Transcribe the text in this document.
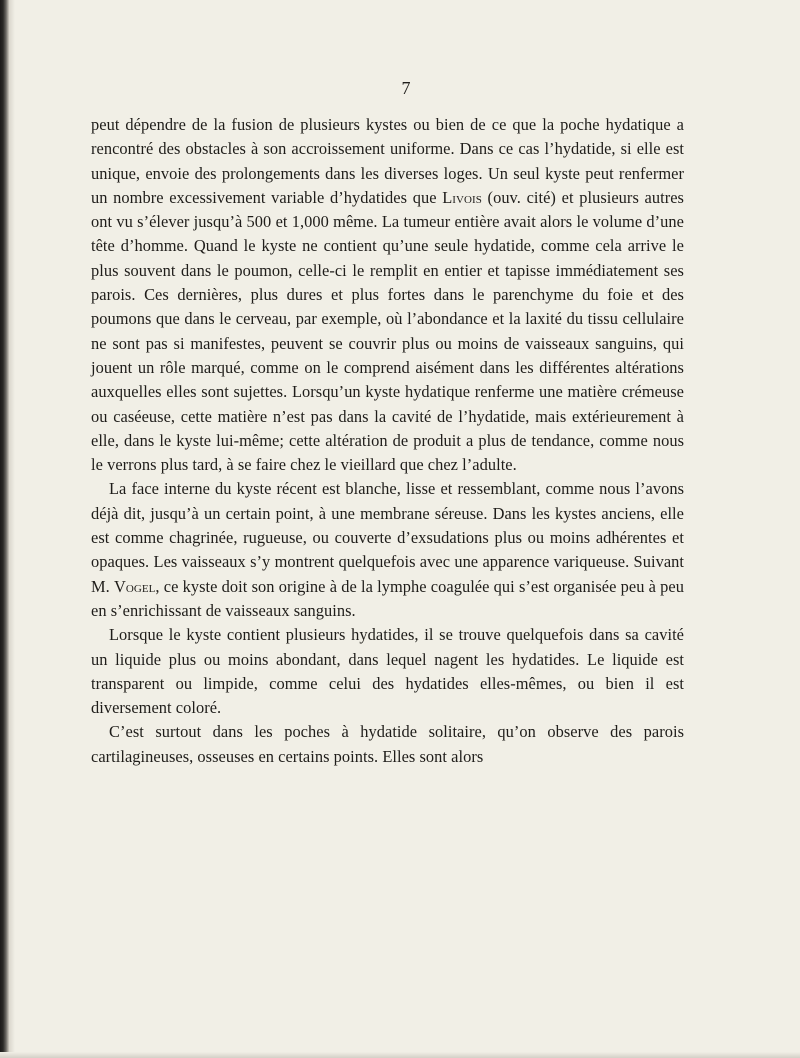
7

peut dépendre de la fusion de plusieurs kystes ou bien de ce que la poche hydatique a rencontré des obstacles à son accroissement uniforme. Dans ce cas l’hydatide, si elle est unique, envoie des prolongements dans les diverses loges. Un seul kyste peut renfermer un nombre excessivement variable d’hydatides que Livois (ouv. cité) et plusieurs autres ont vu s’élever jusqu’à 500 et 1,000 même. La tumeur entière avait alors le volume d’une tête d’homme. Quand le kyste ne contient qu’une seule hydatide, comme cela arrive le plus souvent dans le poumon, celle-ci le remplit en entier et tapisse immédiatement ses parois. Ces dernières, plus dures et plus fortes dans le parenchyme du foie et des poumons que dans le cerveau, par exemple, où l’abondance et la laxité du tissu cellulaire ne sont pas si manifestes, peuvent se couvrir plus ou moins de vaisseaux sanguins, qui jouent un rôle marqué, comme on le comprend aisément dans les différentes altérations auxquelles elles sont sujettes. Lorsqu’un kyste hydatique renferme une matière crémeuse ou caséeuse, cette matière n’est pas dans la cavité de l’hydatide, mais extérieurement à elle, dans le kyste lui-même; cette altération de produit a plus de tendance, comme nous le verrons plus tard, à se faire chez le vieillard que chez l’adulte.

La face interne du kyste récent est blanche, lisse et ressemblant, comme nous l’avons déjà dit, jusqu’à un certain point, à une membrane séreuse. Dans les kystes anciens, elle est comme chagrinée, rugueuse, ou couverte d’exsudations plus ou moins adhérentes et opaques. Les vaisseaux s’y montrent quelquefois avec une apparence variqueuse. Suivant M. Vogel, ce kyste doit son origine à de la lymphe coagulée qui s’est organisée peu à peu en s’enrichissant de vaisseaux sanguins.

Lorsque le kyste contient plusieurs hydatides, il se trouve quelquefois dans sa cavité un liquide plus ou moins abondant, dans lequel nagent les hydatides. Le liquide est transparent ou limpide, comme celui des hydatides elles-mêmes, ou bien il est diversement coloré.

C’est surtout dans les poches à hydatide solitaire, qu’on observe des parois cartilagineuses, osseuses en certains points. Elles sont alors
